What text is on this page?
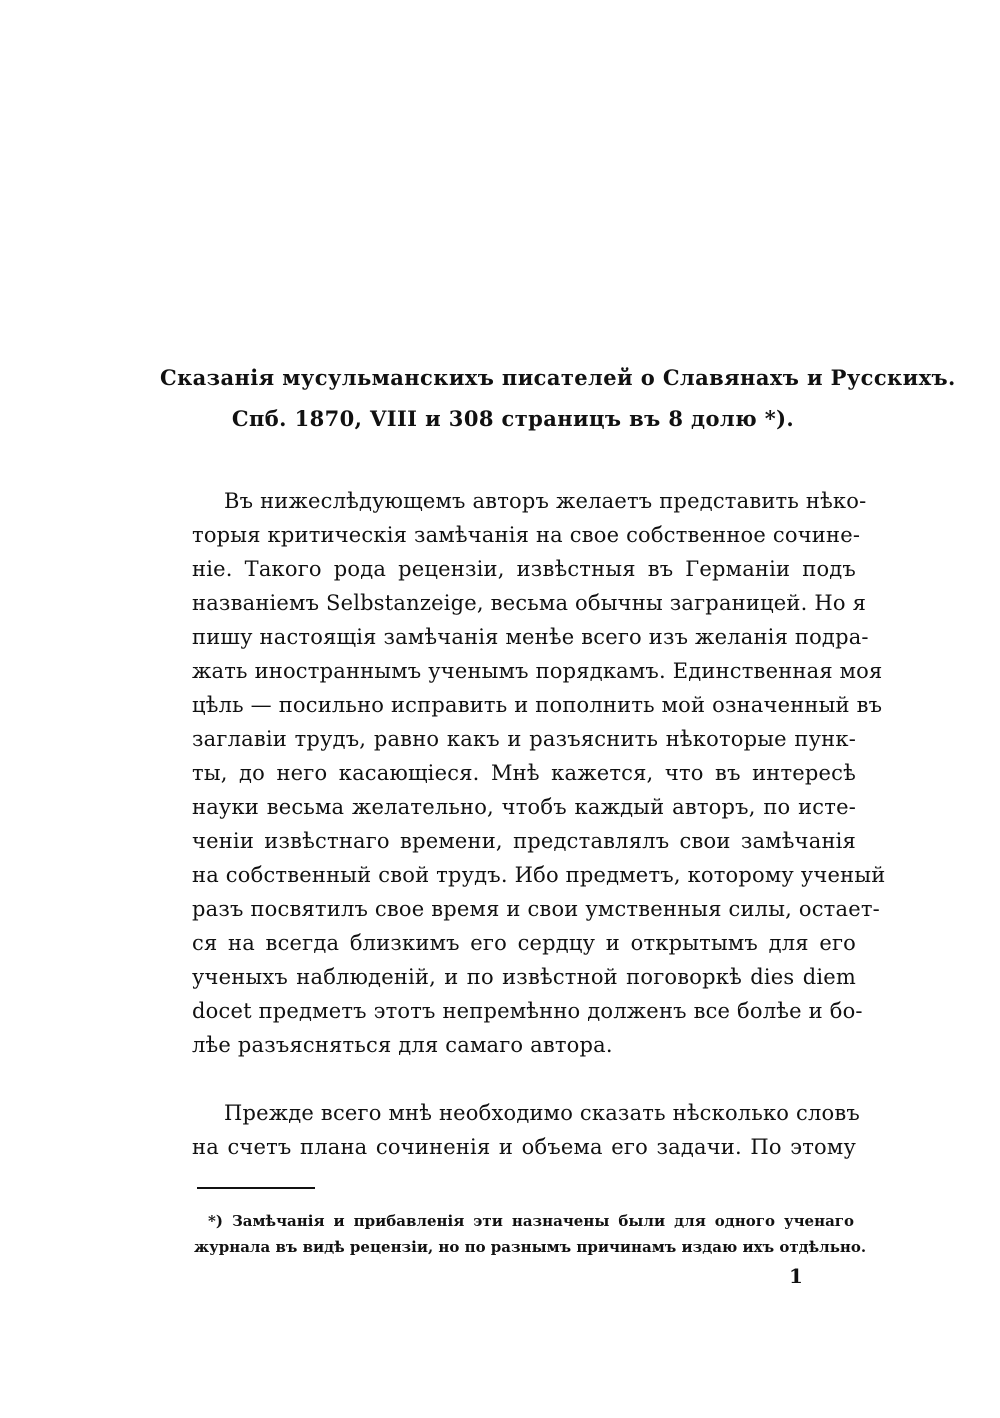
Сказанія мусульманскихъ писателей о Славянахъ и Русскихъ.
Спб. 1870, VIII и 308 страницъ въ 8 долю *).
Въ нижеслѣдующемъ авторъ желаетъ представить нѣко-
торыя критическія замѣчанія на свое собственное сочине-
ніе. Такого рода рецензіи, извѣстныя въ Германіи подъ
названіемъ Selbstanzeige, весьма обычны заграницей. Но я
пишу настоящія замѣчанія менѣе всего изъ желанія подра-
жать иностраннымъ ученымъ порядкамъ. Единственная моя
цѣль — посильно исправить и пополнить мой означенный въ
заглавіи трудъ, равно какъ и разъяснить нѣкоторые пунк-
ты, до него касающіеся. Мнѣ кажется, что въ интересѣ
науки весьма желательно, чтобъ каждый авторъ, по исте-
ченіи извѣстнаго времени, представлялъ свои замѣчанія
на собственный свой трудъ. Ибо предметъ, которому ученый
разъ посвятилъ свое время и свои умственныя силы, остает-
ся на всегда близкимъ его сердцу и открытымъ для его
ученыхъ наблюденій, и по извѣстной поговоркѣ dies diem
docet предметъ этотъ непремѣнно долженъ все болѣе и бо-
лѣе разъясняться для самаго автора.
Прежде всего мнѣ необходимо сказать нѣсколько словъ
на счетъ плана сочиненія и объема его задачи. По этому
*) Замѣчанія и прибавленія эти назначены были для одного ученаго
журнала въ видѣ рецензіи, но по разнымъ причинамъ издаю ихъ отдѣльно.
1
